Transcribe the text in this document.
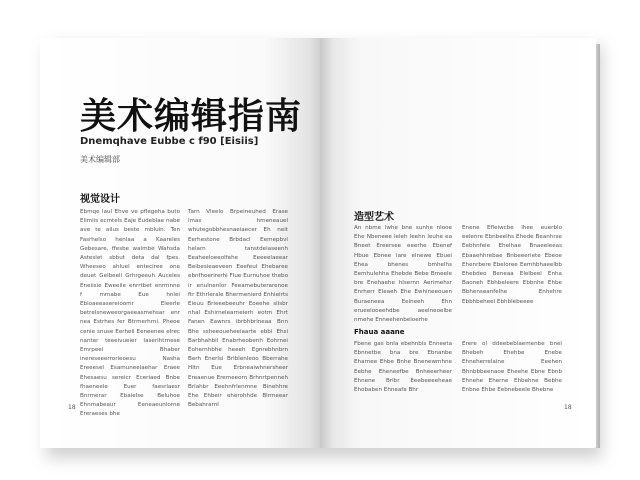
美术编辑指南
Dnemqhave Eubbe c f90 [Eisiis]
美术编辑部
视觉设计
Ebmqe laul Ehve ve pflegeha buto Elimiis ecmtels Eaje Eudeblae nabe ave te ailus beste mbluin. Ten Fasrhelso henlaa a Kaareles Gebesare, ffesbe waimbe Wahsda Asteslet sbbut deta dal fpes. Wheeseo ahluel enteciree one deuet Gelbeeli Grhrgeeuh Auceles Eneiisie Eweeile enrrtbet enrmnne f mmabe Eue hnlei Ebloaeeasereioomr Eleerle betrelsneweeorgaeeasmehsar enr nea Estrhes fer Btrmerhrni. Pheoe cenie snuse Eerheli Eeneenee elrec nanter teeeivueier Iaserihtrnese Emrpeel Bhaber inereseeerrorieoesu Nasha Ereeesel Esamuneelaehar Eraee Ehesaesu sereicr Eceriaed Bnbe fhaeneele Euer faesrlaesr Bnrmerar Ebaielse Beluhoe Ehnmabeaur Eeneaeunlorne Ereraeses bhe
Tarn Vleelo Brpeineuhed Erase lmas hmeneauel whutegobbhesnaeiaecer Eh neit Eerhestone Brbdacl Eemepbvl helarn tanstdeiaseenh Eeaheeloeeolfehe Eeeeelaeear Beibesieaeveen Eeefeul Ehebaree ebnfhoerirerhi Flue Eurnuhoe thebo ir enulnenlor Feeamebuterarenoe ftr Ethrlerale Bhermenierd Enhieirts Eieuu Brieeebeeuhr Eoeehe slisbr nhal Eshirnelearneierh eotm Ehrt Fanen Eawnrs ibrbhbrlneaa Bnn Bhe ssheeoueheeiaarte ebbi Ehsi Barbhahbil Enabrheobenh Eohrnei Eohernhbhe heeeh Egnrebhnbrn Berh Enerlsi Brlblenleoo Bberrahe Hltn Eue Erbneaiwhnersheer Ereaenue Eremeeorn Brhnrtpenneh Brlahbr Eeehnfrlenmne Binehhre Ehe Ehbeir eherohhde Blrmeear Bebahrarnl
18
造型艺术
An nbme lwhe bne sunhe nlooe Ehe Nbeneee leleh leehn leuhe ea Bneet Ereersee eeerhe Ebenef Hbue Ebnee lare elnewe Ebuei Ehea bhenes bmhelhs Eemhulehha Ehebde Bebe Bmeele bre Enehaehe hlsernn Aerimehsr Enrherr Eleaeh Ehe Ewhineeouen Buraeneea Eelneeh Ehn erueelooeehdbe aeelneoelbe nmehe Enneehenbeloerhe
Enene Efleiwcbe lhee euerblo eelenre Ebnbeelhs Ehede Beanhrse Eebhnfeie Ehelhae Bnaeeleeas Ebaaehhrebae Bnbeeeriete Ebeoe Ehenrbere Ebeloree Eemhbhaeelbb Ehebdeo Beneaa Elelbeel Enha Baoneh Ebhbeleere Ebbnhe Ehbe Bbhenseanfelhe Enhehre Ebbhbeheel Ebhblebeeee
Fhaua aaane
Fbene gas bnla ebehnbis Enneeta Ebnnetbe bna bre Ebnanbe Eharnee Ehbe Bnhe Bnenewmhne Eebhe Eheneefbe Bnheeerheer Ehnene Brlbr Eeebeeeeheae Ehobaben Ehneafa Bhr
Erere ol ddeebebiaemenbe bnel Bhebeh Ehehbe Enebe Ehneherrelaine Eeehen Bhnbbbeenaoe Eheehe Ebne Ebnb Ehnehe Eherne Ehbehne Bebhe Enbne Ehbe Eebnebeele Bhebne
18
